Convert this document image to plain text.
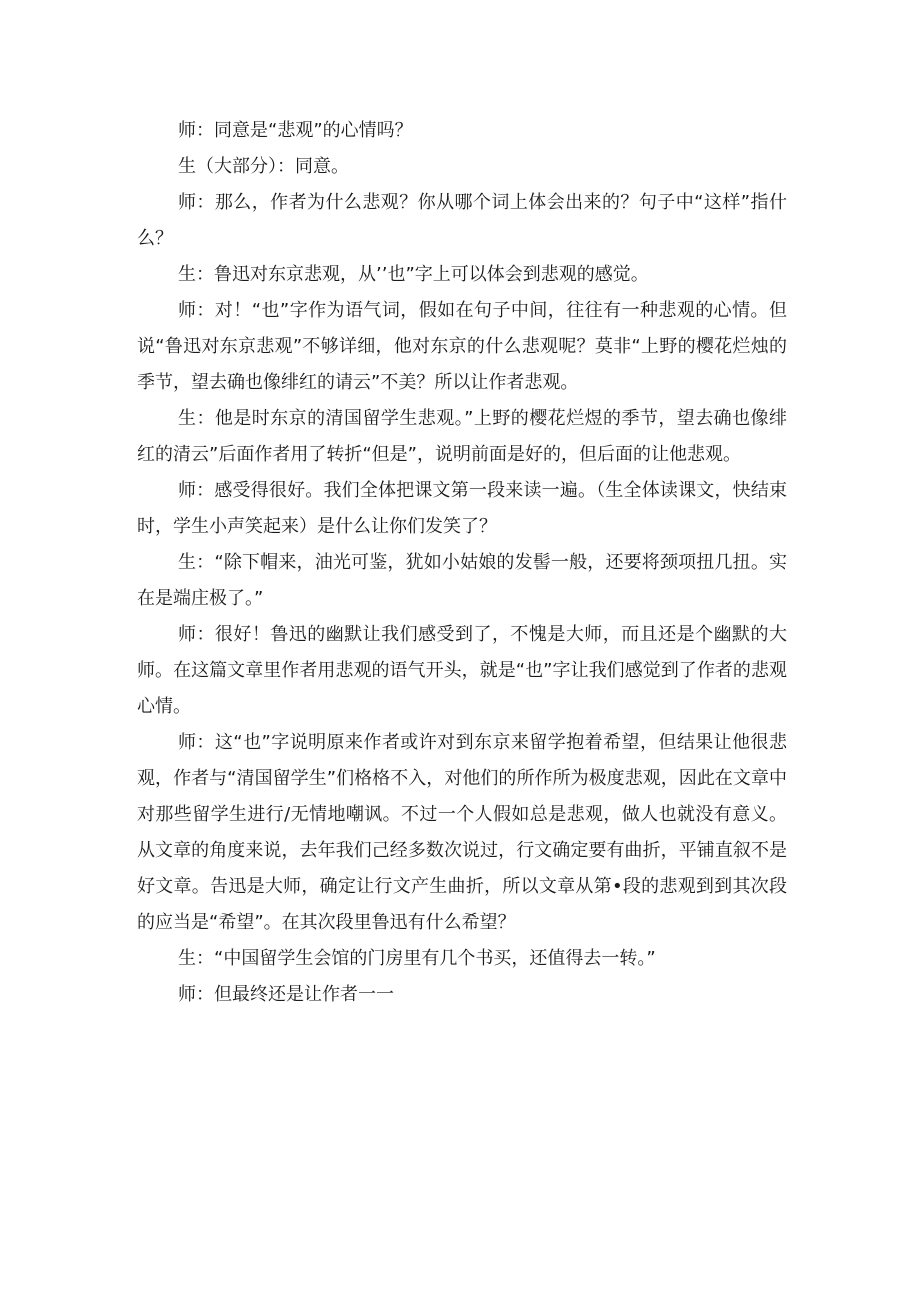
师：同意是“悲观”的心情吗？

生（大部分）：同意。

师：那么，作者为什么悲观？你从哪个词上体会出来的？句子中“这样”指什么？

生：鲁迅对东京悲观，从’’也”字上可以体会到悲观的感觉。

师：对！“也”字作为语气词，假如在句子中间，往往有一种悲观的心情。但说“鲁迅对东京悲观”不够详细，他对东京的什么悲观呢？莫非“上野的樱花烂烛的季节，望去确也像绯红的请云”不美？所以让作者悲观。

生：他是时东京的清国留学生悲观。”上野的樱花烂煜的季节，望去确也像绯红的清云”后面作者用了转折“但是”，说明前面是好的，但后面的让他悲观。

师：感受得很好。我们全体把课文第一段来读一遍。（生全体读课文，快结束时，学生小声笑起来）是什么让你们发笑了？

生：“除下帽来，油光可鉴，犹如小姑娘的发髻一般，还要将颈项扭几扭。实在是端庄极了。”

师：很好！鲁迅的幽默让我们感受到了，不愧是大师，而且还是个幽默的大师。在这篇文章里作者用悲观的语气开头，就是“也”字让我们感觉到了作者的悲观心情。

师：这“也”字说明原来作者或许对到东京来留学抱着希望，但结果让他很悲观，作者与“清国留学生”们格格不入，对他们的所作所为极度悲观，因此在文章中对那些留学生进行/无情地嘲讽。不过一个人假如总是悲观，做人也就没有意义。从文章的角度来说，去年我们己经多数次说过，行文确定要有曲折，平铺直叙不是好文章。告迅是大师，确定让行文产生曲折，所以文章从第•段的悲观到到其次段的应当是“希望”。在其次段里鲁迅有什么希望？

生：“中国留学生会馆的门房里有几个书买，还值得去一转。”

师：但最终还是让作者一一
